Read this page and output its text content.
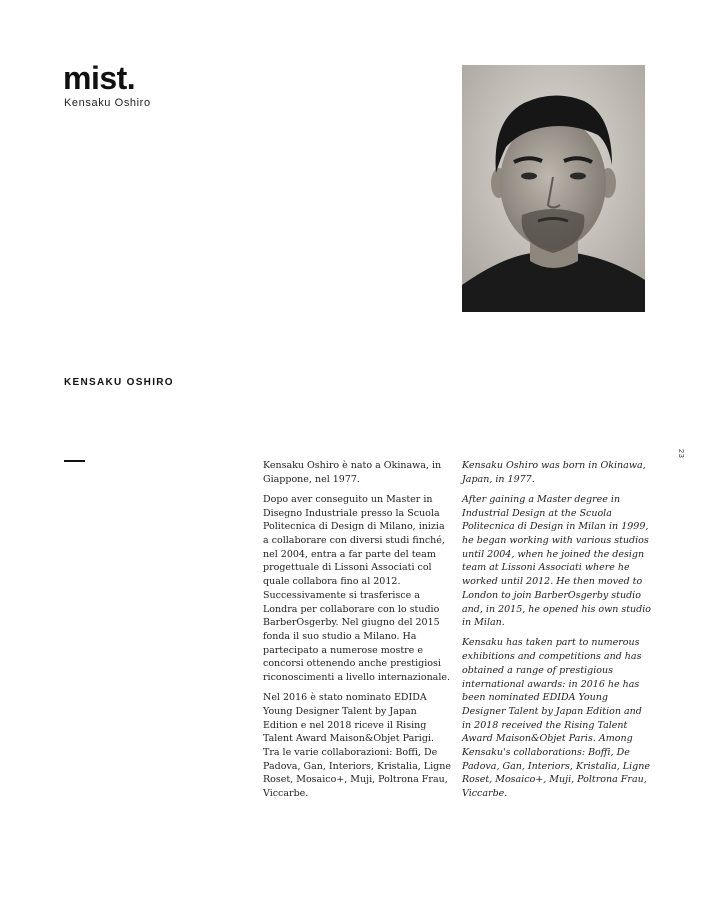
mist.
Kensaku Oshiro
KENSAKU OSHIRO
23

Kensaku Oshiro è nato a Okinawa, in Giappone, nel 1977.

Dopo aver conseguito un Master in Disegno Industriale presso la Scuola Politecnica di Design di Milano, inizia a collaborare con diversi studi finché, nel 2004, entra a far parte del team progettuale di Lissoni Associati col quale collabora fino al 2012. Successivamente si trasferisce a Londra per collaborare con lo studio BarberOsgerby. Nel giugno del 2015 fonda il suo studio a Milano. Ha partecipato a numerose mostre e concorsi ottenendo anche prestigiosi riconoscimenti a livello internazionale.

Nel 2016 è stato nominato EDIDA Young Designer Talent by Japan Edition e nel 2018 riceve il Rising Talent Award Maison&Objet Parigi. Tra le varie collaborazioni: Boffi, De Padova, Gan, Interiors, Kristalia, Ligne Roset, Mosaico+, Muji, Poltrona Frau, Viccarbe.

Kensaku Oshiro was born in Okinawa, Japan, in 1977.

After gaining a Master degree in Industrial Design at the Scuola Politecnica di Design in Milan in 1999, he began working with various studios until 2004, when he joined the design team at Lissoni Associati where he worked until 2012. He then moved to London to join BarberOsgerby studio and, in 2015, he opened his own studio in Milan.

Kensaku has taken part to numerous exhibitions and competitions and has obtained a range of prestigious international awards: in 2016 he has been nominated EDIDA Young Designer Talent by Japan Edition and in 2018 received the Rising Talent Award Maison&Objet Paris. Among Kensaku's collaborations: Boffi, De Padova, Gan, Interiors, Kristalia, Ligne Roset, Mosaico+, Muji, Poltrona Frau, Viccarbe.
